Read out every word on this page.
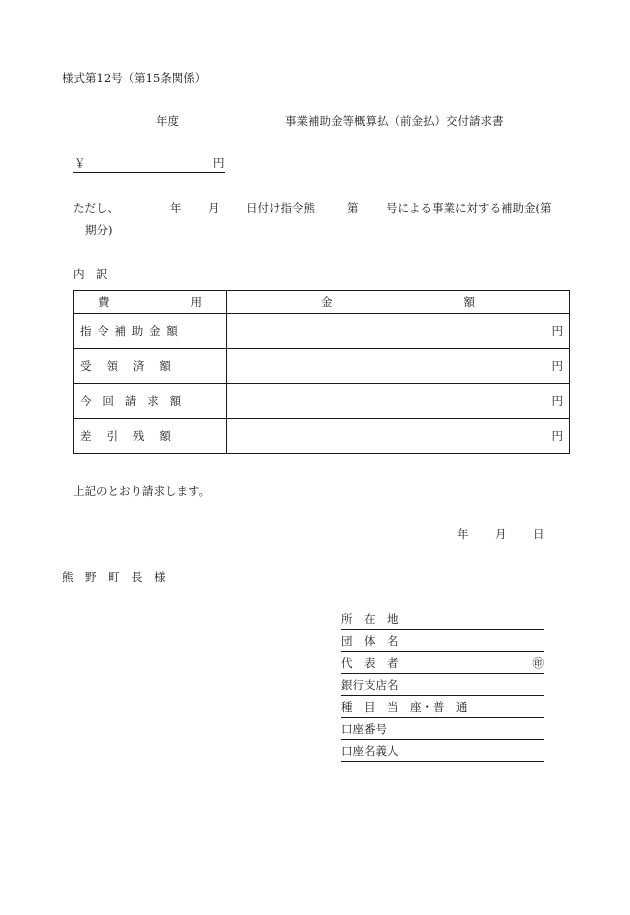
様式第12号（第15条関係）
年度	事業補助金等概算払（前金払）交付請求書
￥	円
ただし、	年 月 日付け指令熊	第 号による事業に対する補助金(第
期分)
内　訳
費 用	金 額

指令補助金額	円
受領済額	円
今回請求額	円
差引残額	円
上記のとおり請求します。
年 月 日
熊　野　町　長　様
所　在　地
団　体　名
代　表　者	㊞
銀行支店名
種　目　当　座・普　通
口座番号
口座名義人
